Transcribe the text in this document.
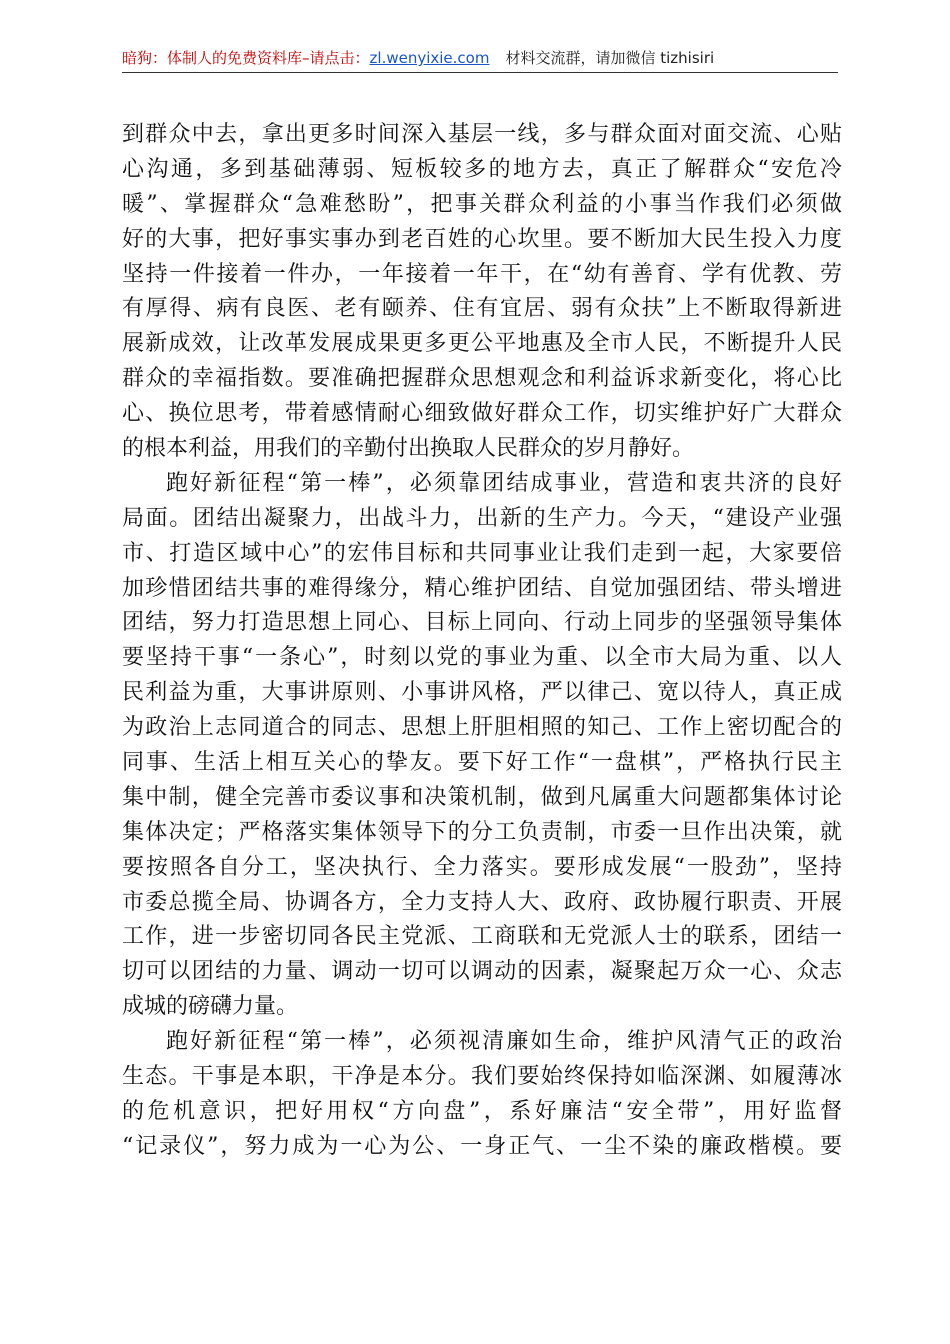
暗狗：体制人的免费资料库–请点击：zl.wenyixie.com 材料交流群，请加微信 tizhisiri
到群众中去，拿出更多时间深入基层一线，多与群众面对面交流、心贴
心沟通，多到基础薄弱、短板较多的地方去，真正了解群众“安危冷
暖”、掌握群众“急难愁盼”，把事关群众利益的小事当作我们必须做
好的大事，把好事实事办到老百姓的心坎里。要不断加大民生投入力度
坚持一件接着一件办，一年接着一年干，在“幼有善育、学有优教、劳
有厚得、病有良医、老有颐养、住有宜居、弱有众扶”上不断取得新进
展新成效，让改革发展成果更多更公平地惠及全市人民，不断提升人民
群众的幸福指数。要准确把握群众思想观念和利益诉求新变化，将心比
心、换位思考，带着感情耐心细致做好群众工作，切实维护好广大群众
的根本利益，用我们的辛勤付出换取人民群众的岁月静好。
跑好新征程“第一棒”，必须靠团结成事业，营造和衷共济的良好
局面。团结出凝聚力，出战斗力，出新的生产力。今天，“建设产业强
市、打造区域中心”的宏伟目标和共同事业让我们走到一起，大家要倍
加珍惜团结共事的难得缘分，精心维护团结、自觉加强团结、带头增进
团结，努力打造思想上同心、目标上同向、行动上同步的坚强领导集体
要坚持干事“一条心”，时刻以党的事业为重、以全市大局为重、以人
民利益为重，大事讲原则、小事讲风格，严以律己、宽以待人，真正成
为政治上志同道合的同志、思想上肝胆相照的知己、工作上密切配合的
同事、生活上相互关心的挚友。要下好工作“一盘棋”，严格执行民主
集中制，健全完善市委议事和决策机制，做到凡属重大问题都集体讨论
集体决定；严格落实集体领导下的分工负责制，市委一旦作出决策，就
要按照各自分工，坚决执行、全力落实。要形成发展“一股劲”，坚持
市委总揽全局、协调各方，全力支持人大、政府、政协履行职责、开展
工作，进一步密切同各民主党派、工商联和无党派人士的联系，团结一
切可以团结的力量、调动一切可以调动的因素，凝聚起万众一心、众志
成城的磅礴力量。
跑好新征程“第一棒”，必须视清廉如生命，维护风清气正的政治
生态。干事是本职，干净是本分。我们要始终保持如临深渊、如履薄冰
的危机意识，把好用权“方向盘”，系好廉洁“安全带”，用好监督
“记录仪”，努力成为一心为公、一身正气、一尘不染的廉政楷模。要
